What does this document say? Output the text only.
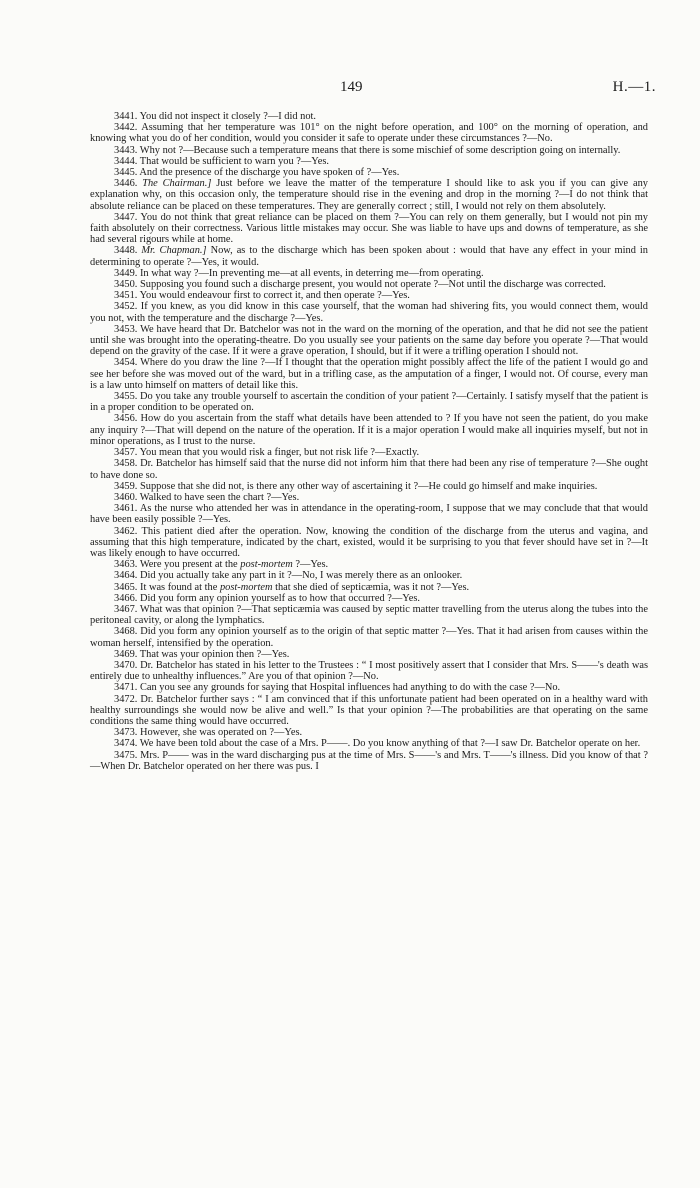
149	H.—1.

3441. You did not inspect it closely ?—I did not.

3442. Assuming that her temperature was 101° on the night before operation, and 100° on the morning of operation, and knowing what you do of her condition, would you consider it safe to operate under these circumstances ?—No.

3443. Why not ?—Because such a temperature means that there is some mischief of some description going on internally.

3444. That would be sufficient to warn you ?—Yes.

3445. And the presence of the discharge you have spoken of ?—Yes.

3446. The Chairman.] Just before we leave the matter of the temperature I should like to ask you if you can give any explanation why, on this occasion only, the temperature should rise in the evening and drop in the morning ?—I do not think that absolute reliance can be placed on these temperatures. They are generally correct ; still, I would not rely on them absolutely.

3447. You do not think that great reliance can be placed on them ?—You can rely on them generally, but I would not pin my faith absolutely on their correctness. Various little mistakes may occur. She was liable to have ups and downs of temperature, as she had several rigours while at home.

3448. Mr. Chapman.] Now, as to the discharge which has been spoken about : would that have any effect in your mind in determining to operate ?—Yes, it would.

3449. In what way ?—In preventing me—at all events, in deterring me—from operating.

3450. Supposing you found such a discharge present, you would not operate ?—Not until the discharge was corrected.

3451. You would endeavour first to correct it, and then operate ?—Yes.

3452. If you knew, as you did know in this case yourself, that the woman had shivering fits, you would connect them, would you not, with the temperature and the discharge ?—Yes.

3453. We have heard that Dr. Batchelor was not in the ward on the morning of the operation, and that he did not see the patient until she was brought into the operating-theatre. Do you usually see your patients on the same day before you operate ?—That would depend on the gravity of the case. If it were a grave operation, I should, but if it were a trifling operation I should not.

3454. Where do you draw the line ?—If I thought that the operation might possibly affect the life of the patient I would go and see her before she was moved out of the ward, but in a trifling case, as the amputation of a finger, I would not. Of course, every man is a law unto himself on matters of detail like this.

3455. Do you take any trouble yourself to ascertain the condition of your patient ?—Certainly. I satisfy myself that the patient is in a proper condition to be operated on.

3456. How do you ascertain from the staff what details have been attended to ? If you have not seen the patient, do you make any inquiry ?—That will depend on the nature of the operation. If it is a major operation I would make all inquiries myself, but not in minor operations, as I trust to the nurse.

3457. You mean that you would risk a finger, but not risk life ?—Exactly.

3458. Dr. Batchelor has himself said that the nurse did not inform him that there had been any rise of temperature ?—She ought to have done so.

3459. Suppose that she did not, is there any other way of ascertaining it ?—He could go himself and make inquiries.

3460. Walked to have seen the chart ?—Yes.

3461. As the nurse who attended her was in attendance in the operating-room, I suppose that we may conclude that that would have been easily possible ?—Yes.

3462. This patient died after the operation. Now, knowing the condition of the discharge from the uterus and vagina, and assuming that this high temperature, indicated by the chart, existed, would it be surprising to you that fever should have set in ?—It was likely enough to have occurred.

3463. Were you present at the post-mortem ?—Yes.

3464. Did you actually take any part in it ?—No, I was merely there as an onlooker.

3465. It was found at the post-mortem that she died of septicæmia, was it not ?—Yes.

3466. Did you form any opinion yourself as to how that occurred ?—Yes.

3467. What was that opinion ?—That septicæmia was caused by septic matter travelling from the uterus along the tubes into the peritoneal cavity, or along the lymphatics.

3468. Did you form any opinion yourself as to the origin of that septic matter ?—Yes. That it had arisen from causes within the woman herself, intensified by the operation.

3469. That was your opinion then ?—Yes.

3470. Dr. Batchelor has stated in his letter to the Trustees : “ I most positively assert that I consider that Mrs. S——'s death was entirely due to unhealthy influences.” Are you of that opinion ?—No.

3471. Can you see any grounds for saying that Hospital influences had anything to do with the case ?—No.

3472. Dr. Batchelor further says : “ I am convinced that if this unfortunate patient had been operated on in a healthy ward with healthy surroundings she would now be alive and well.” Is that your opinion ?—The probabilities are that operating on the same conditions the same thing would have occurred.

3473. However, she was operated on ?—Yes.

3474. We have been told about the case of a Mrs. P——. Do you know anything of that ?—I saw Dr. Batchelor operate on her.

3475. Mrs. P—— was in the ward discharging pus at the time of Mrs. S——'s and Mrs. T——'s illness. Did you know of that ?—When Dr. Batchelor operated on her there was pus. I
